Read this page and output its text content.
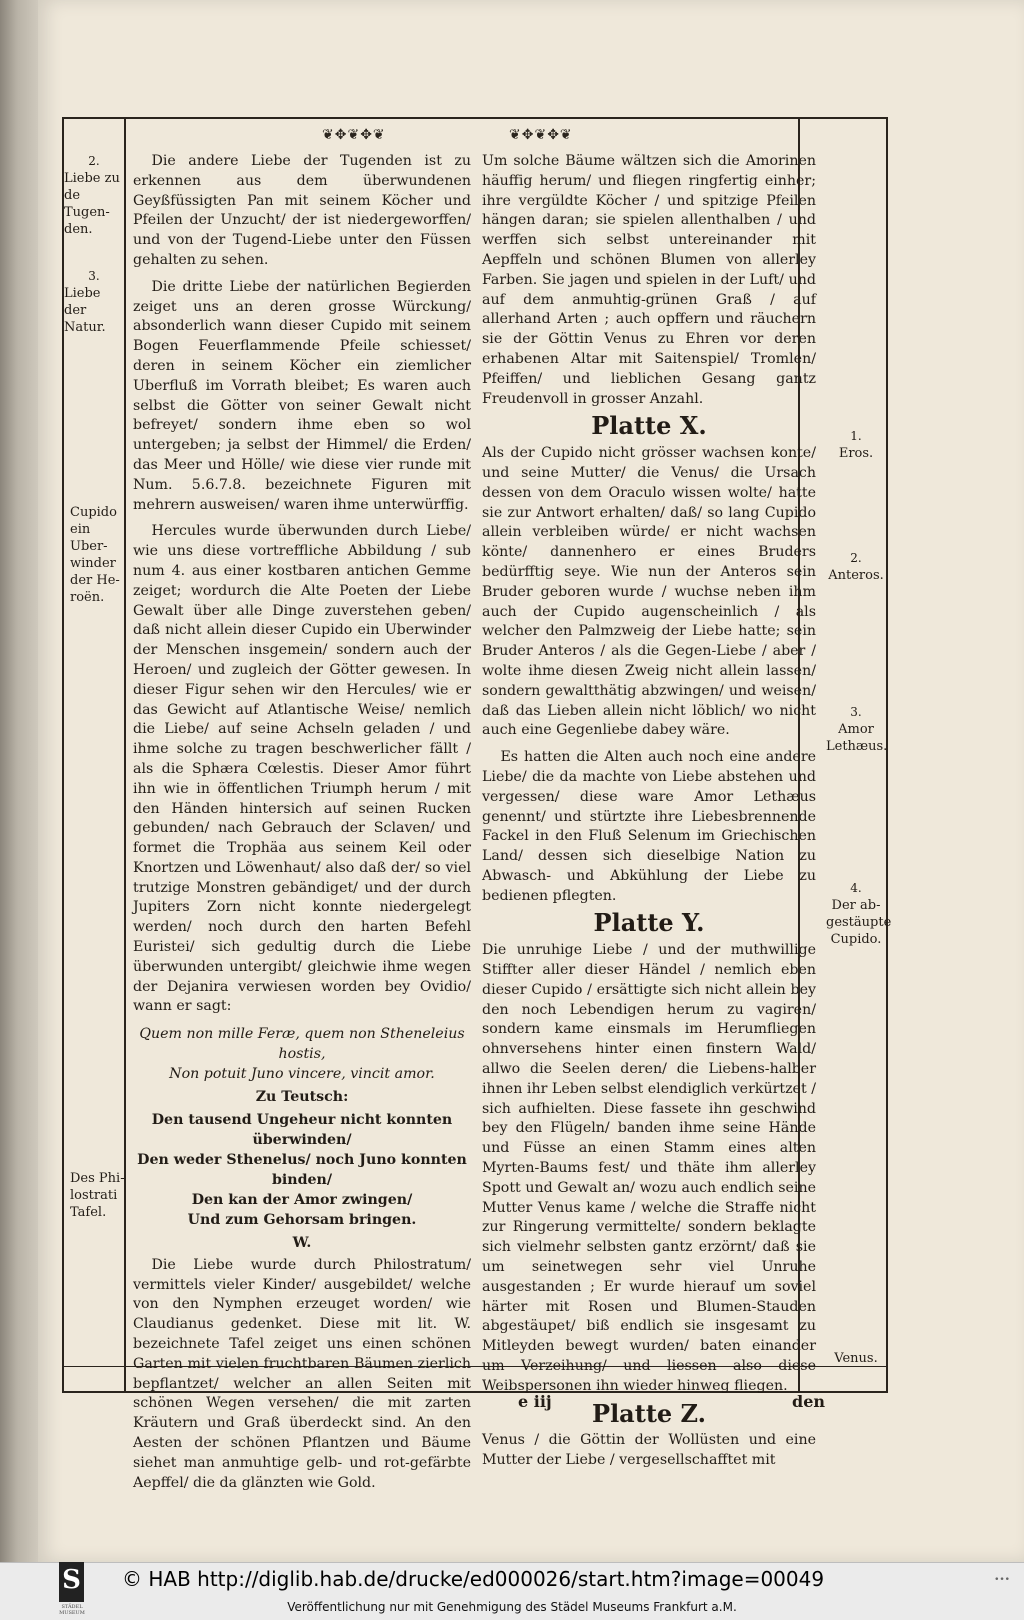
❦✥❦✥❦	❦✥❦✥❦
2.
Liebe zu de Tugen-den.
3.
Liebe der Natur.
Cupido ein Uber-winder der He-roën.
Des Phi-lostrati Tafel.

Die andere Liebe der Tugenden ist zu erkennen aus dem überwundenen Geyßfüssigten Pan mit seinem Köcher und Pfeilen der Unzucht/ der ist niedergeworffen/ und von der Tugend-Liebe unter den Füssen gehalten zu sehen.

Die dritte Liebe der natürlichen Begierden zeiget uns an deren grosse Würckung/ absonderlich wann dieser Cupido mit seinem Bogen Feuerflammende Pfeile schiesset/ deren in seinem Köcher ein ziemlicher Uberfluß im Vorrath bleibet; Es waren auch selbst die Götter von seiner Gewalt nicht befreyet/ sondern ihme eben so wol untergeben; ja selbst der Himmel/ die Erden/ das Meer und Hölle/ wie diese vier runde mit Num. 5.6.7.8. bezeichnete Figuren mit mehrern ausweisen/ waren ihme unterwürffig.

Hercules wurde überwunden durch Liebe/ wie uns diese vortreffliche Abbildung / sub num 4. aus einer kostbaren antichen Gemme zeiget; wordurch die Alte Poeten der Liebe Gewalt über alle Dinge zuverstehen geben/ daß nicht allein dieser Cupido ein Uberwinder der Menschen insgemein/ sondern auch der Heroen/ und zugleich der Götter gewesen. In dieser Figur sehen wir den Hercules/ wie er das Gewicht auf Atlantische Weise/ nemlich die Liebe/ auf seine Achseln geladen / und ihme solche zu tragen beschwerlicher fällt / als die Sphæra Cœlestis. Dieser Amor führt ihn wie in öffentlichen Triumph herum / mit den Händen hintersich auf seinen Rucken gebunden/ nach Gebrauch der Sclaven/ und formet die Trophäa aus seinem Keil oder Knortzen und Löwenhaut/ also daß der/ so viel trutzige Monstren gebändiget/ und der durch Jupiters Zorn nicht konnte niedergelegt werden/ noch durch den harten Befehl Euristei/ sich gedultig durch die Liebe überwunden untergibt/ gleichwie ihme wegen der Dejanira verwiesen worden bey Ovidio/ wann er sagt:

Quem non mille Feræ, quem non Stheneleius hostis,
Non potuit Juno vincere, vincit amor.
Zu Teutsch:
Den tausend Ungeheur nicht konnten überwinden/
Den weder Sthenelus/ noch Juno konnten binden/
Den kan der Amor zwingen/
Und zum Gehorsam bringen.
W.

Die Liebe wurde durch Philostratum/ vermittels vieler Kinder/ ausgebildet/ welche von den Nymphen erzeuget worden/ wie Claudianus gedenket. Diese mit lit. W. bezeichnete Tafel zeiget uns einen schönen Garten mit vielen fruchtbaren Bäumen zierlich bepflantzet/ welcher an allen Seiten mit schönen Wegen versehen/ die mit zarten Kräutern und Graß überdeckt sind. An den Aesten der schönen Pflantzen und Bäume siehet man anmuhtige gelb- und rot-gefärbte Aepffel/ die da glänzten wie Gold.

Um solche Bäume wältzen sich die Amorinen häuffig herum/ und fliegen ringfertig einher; ihre vergüldte Köcher / und spitzige Pfeilen hängen daran; sie spielen allenthalben / und werffen sich selbst untereinander mit Aepffeln und schönen Blumen von allerley Farben. Sie jagen und spielen in der Luft/ und auf dem anmuhtig-grünen Graß / auf allerhand Arten ; auch opffern und räuchern sie der Göttin Venus zu Ehren vor deren erhabenen Altar mit Saitenspiel/ Tromlen/ Pfeiffen/ und lieblichen Gesang gantz Freudenvoll in grosser Anzahl.

Platte X.

Als der Cupido nicht grösser wachsen konte/ und seine Mutter/ die Venus/ die Ursach dessen von dem Oraculo wissen wolte/ hatte sie zur Antwort erhalten/ daß/ so lang Cupido allein verbleiben würde/ er nicht wachsen könte/ dannenhero er eines Bruders bedürfftig seye. Wie nun der Anteros sein Bruder geboren wurde / wuchse neben ihm auch der Cupido augenscheinlich / als welcher den Palmzweig der Liebe hatte; sein Bruder Anteros / als die Gegen-Liebe / aber / wolte ihme diesen Zweig nicht allein lassen/ sondern gewaltthätig abzwingen/ und weisen/ daß das Lieben allein nicht löblich/ wo nicht auch eine Gegenliebe dabey wäre.

Es hatten die Alten auch noch eine andere Liebe/ die da machte von Liebe abstehen und vergessen/ diese ware Amor Lethæus genennt/ und stürtzte ihre Liebesbrennende Fackel in den Fluß Selenum im Griechischen Land/ dessen sich dieselbige Nation zu Abwasch- und Abkühlung der Liebe zu bedienen pflegten.

Platte Y.

Die unruhige Liebe / und der muthwillige Stiffter aller dieser Händel / nemlich eben dieser Cupido / ersättigte sich nicht allein bey den noch Lebendigen herum zu vagiren/ sondern kame einsmals im Herumfliegen ohnversehens hinter einen finstern Wald/ allwo die Seelen deren/ die Liebens-halber ihnen ihr Leben selbst elendiglich verkürtzet / sich aufhielten. Diese fassete ihn geschwind bey den Flügeln/ banden ihme seine Hände und Füsse an einen Stamm eines alten Myrten-Baums fest/ und thäte ihm allerley Spott und Gewalt an/ wozu auch endlich seine Mutter Venus kame / welche die Straffe nicht zur Ringerung vermittelte/ sondern beklagte sich vielmehr selbsten gantz erzörnt/ daß sie um seinetwegen sehr viel Unruhe ausgestanden ; Er wurde hierauf um soviel härter mit Rosen und Blumen-Stauden abgestäupet/ biß endlich sie insgesamt zu Mitleyden bewegt wurden/ baten einander um Verzeihung/ und liessen also diese Weibspersonen ihn wieder hinweg fliegen.

Platte Z.

Venus / die Göttin der Wollüsten und eine Mutter der Liebe / vergesellschafftet mit

1.
Eros.
2.
Anteros.
3.
Amor Lethæus.
4.
Der ab-gestäupte Cupido.
Venus.
e iij	den
S
STÄDEL MUSEUM
© HAB http://diglib.hab.de/drucke/ed000026/start.htm?image=00049	•••
Veröffentlichung nur mit Genehmigung des Städel Museums Frankfurt a.M.
